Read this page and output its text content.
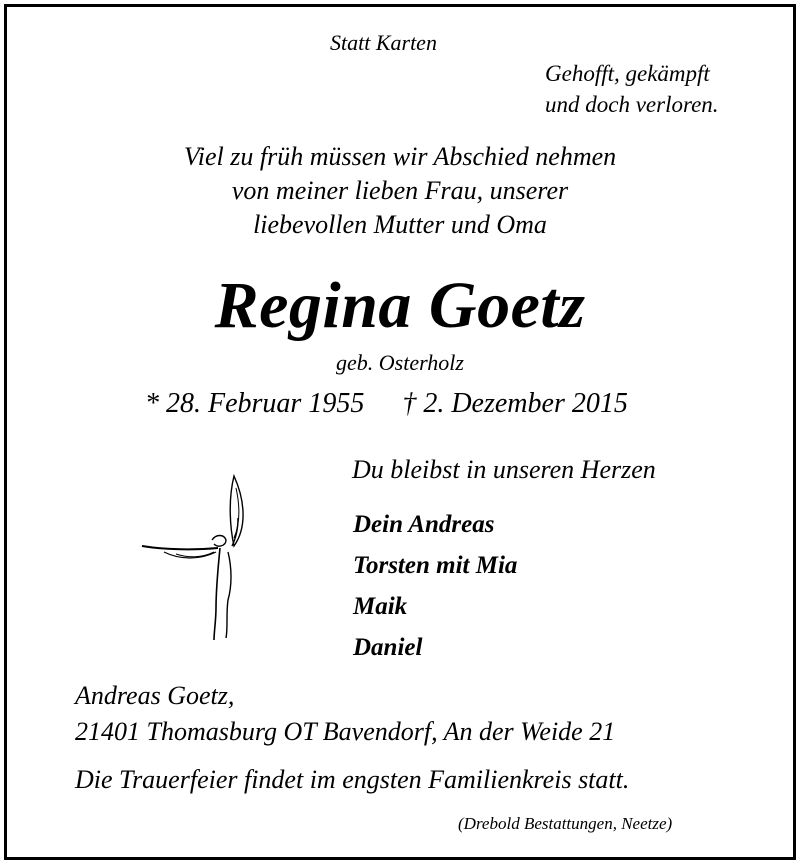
Statt Karten
Gehofft, gekämpft
und doch verloren.
Viel zu früh müssen wir Abschied nehmen
von meiner lieben Frau, unserer
liebevollen Mutter und Oma
Regina Goetz
geb. Osterholz
* 28. Februar 1955 † 2. Dezember 2015
Du bleibst in unseren Herzen
Dein Andreas
Torsten mit Mia
Maik
Daniel
Andreas Goetz,
21401 Thomasburg OT Bavendorf, An der Weide 21
Die Trauerfeier findet im engsten Familienkreis statt.
(Drebold Bestattungen, Neetze)
